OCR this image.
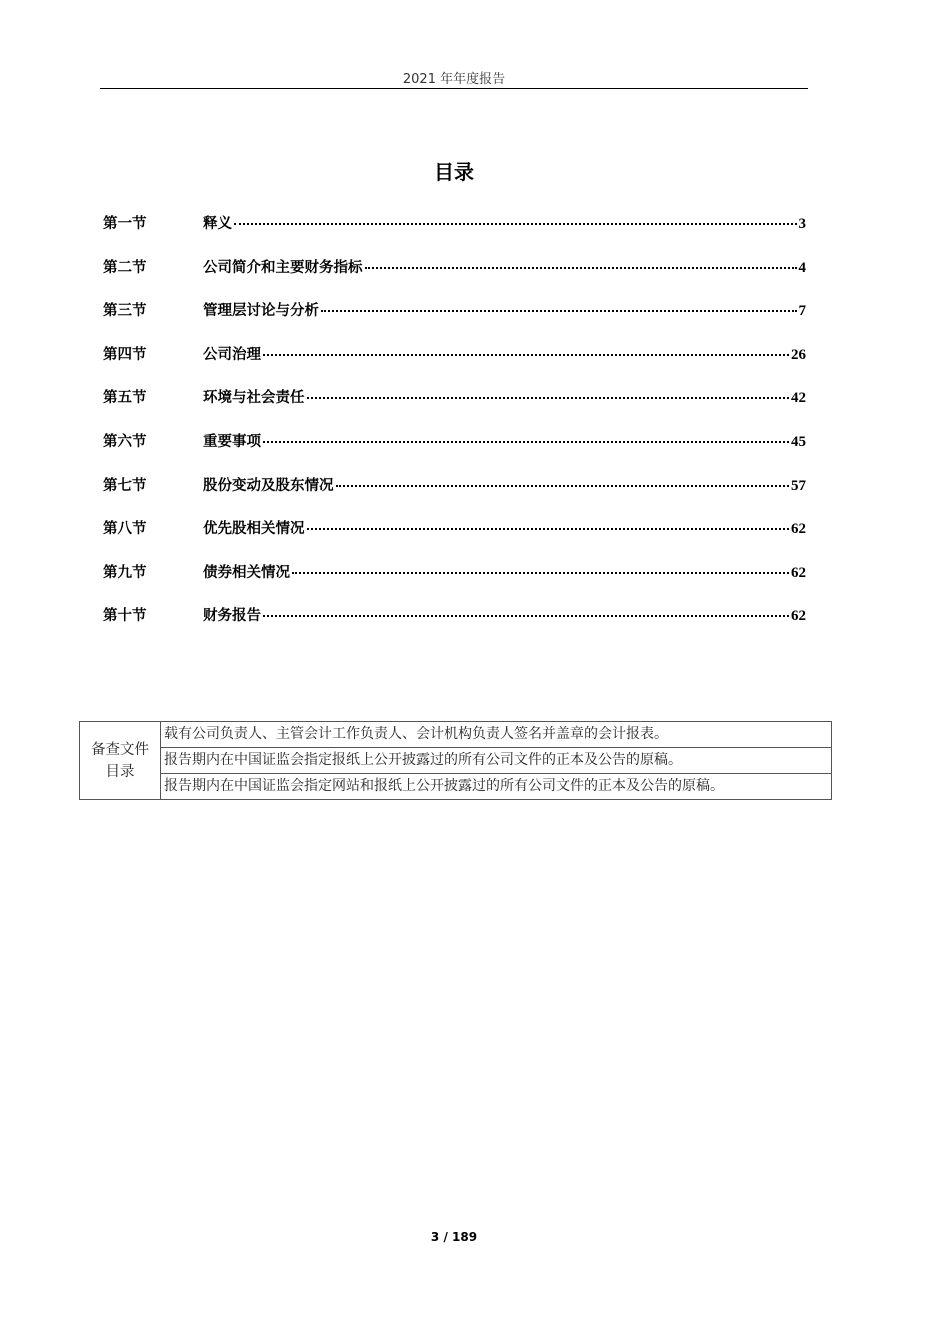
2021 年年度报告
目录
第一节	释义	3
第二节	公司简介和主要财务指标	4
第三节	管理层讨论与分析	7
第四节	公司治理	26
第五节	环境与社会责任	42
第六节	重要事项	45
第七节	股份变动及股东情况	57
第八节	优先股相关情况	62
第九节	债券相关情况	62
第十节	财务报告	62
备查文件
目录
	载有公司负责人、主管会计工作负责人、会计机构负责人签名并盖章的会计报表。
报告期内在中国证监会指定报纸上公开披露过的所有公司文件的正本及公告的原稿。
报告期内在中国证监会指定网站和报纸上公开披露过的所有公司文件的正本及公告的原稿。
3 / 189
